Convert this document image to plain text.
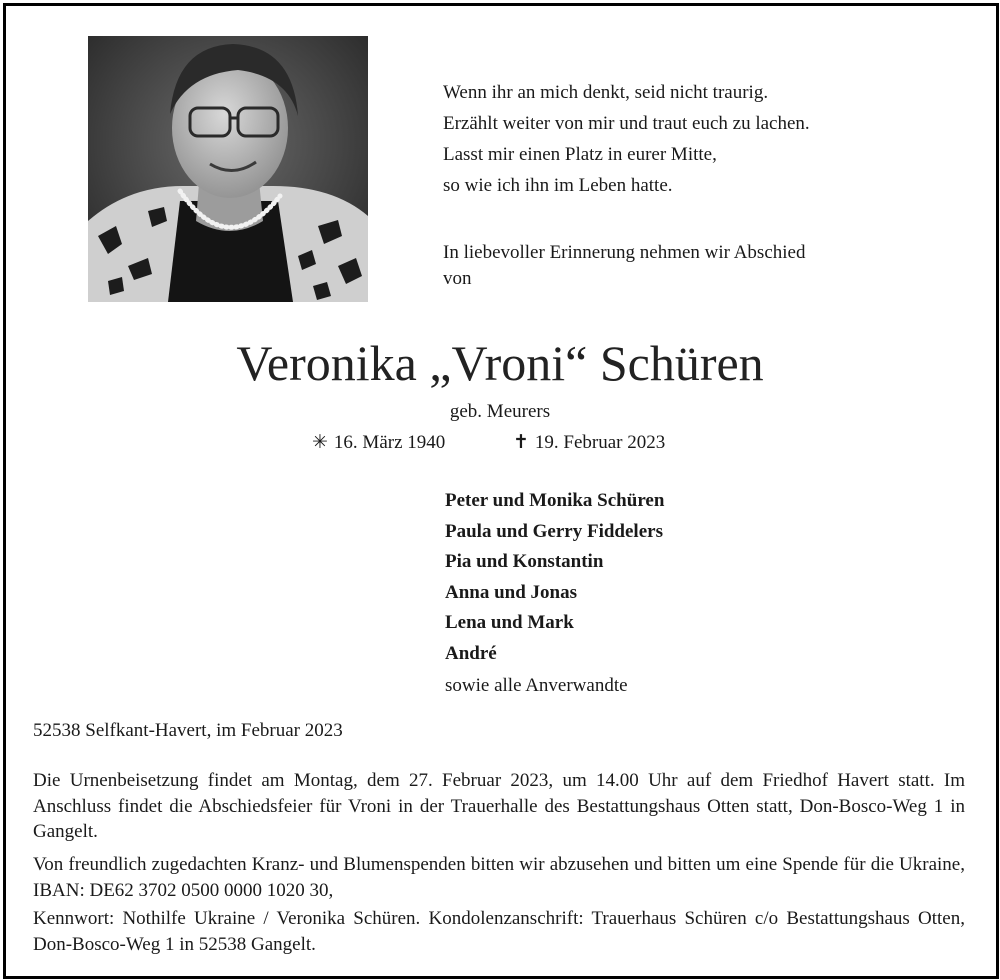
Wenn ihr an mich denkt, seid nicht traurig.
Erzählt weiter von mir und traut euch zu lachen.
Lasst mir einen Platz in eurer Mitte,
so wie ich ihn im Leben hatte.
In liebevoller Erinnerung nehmen wir Abschied
von
Veronika „Vroni“ Schüren
geb. Meurers
✳ 16. März 1940	✝ 19. Februar 2023
Peter und Monika Schüren
Paula und Gerry Fiddelers
Pia und Konstantin
Anna und Jonas
Lena und Mark
André
sowie alle Anverwandte
52538 Selfkant-Havert, im Februar 2023
Die Urnenbeisetzung findet am Montag, dem 27. Februar 2023, um 14.00 Uhr auf dem Friedhof Havert statt. Im Anschluss findet die Abschiedsfeier für Vroni in der Trauerhalle des Bestattungshaus Otten statt, Don-Bosco-Weg 1 in Gangelt.
Von freundlich zugedachten Kranz- und Blumenspenden bitten wir abzusehen und bitten um eine Spende für die Ukraine, IBAN: DE62 3702 0500 0000 1020 30,
Kennwort: Nothilfe Ukraine / Veronika Schüren. Kondolenzanschrift: Trauerhaus Schüren c/o Bestattungshaus Otten, Don-Bosco-Weg 1 in 52538 Gangelt.
